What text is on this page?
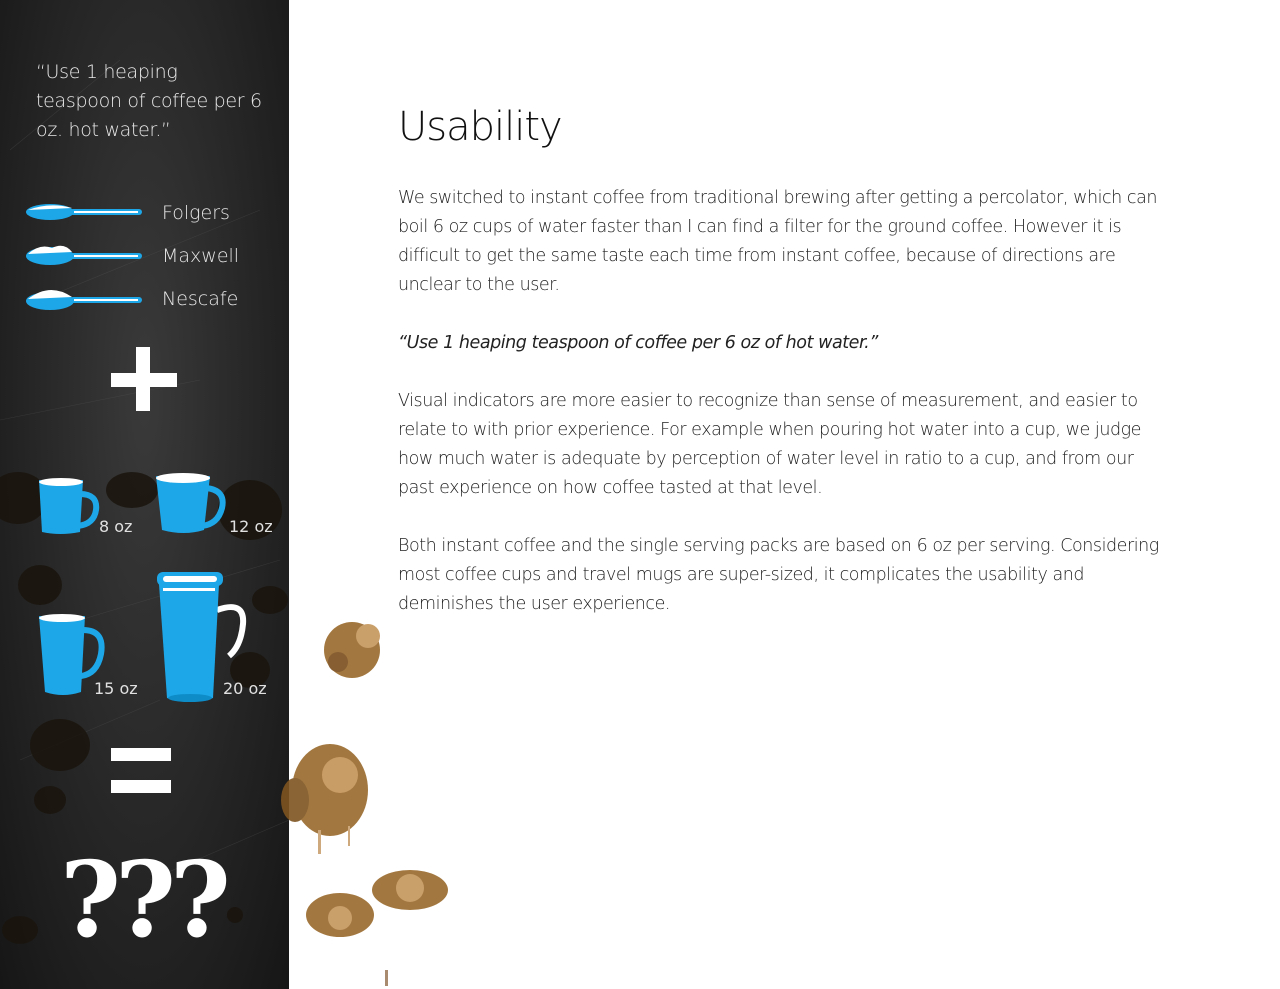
“Use 1 heaping teaspoon of coffee per 6 oz. hot water.”
Folgers
Maxwell
Nescafe
8 oz	12 oz
15 oz	20 oz
???
Usability

We switched to instant coffee from traditional brewing after getting a percolator, which can boil 6 oz cups of water faster than I can find a filter for the ground coffee. However it is difficult to get the same taste each time from instant coffee, because of directions are unclear to the user.

“Use 1 heaping teaspoon of coffee per 6 oz of hot water.”

Visual indicators are more easier to recognize than sense of measurement, and easier to relate to with prior experience. For example when pouring hot water into a cup, we judge how much water is adequate by perception of water level in ratio to a cup, and from our past experience on how coffee tasted at that level.

Both instant coffee and the single serving packs are based on 6 oz per serving. Considering most coffee cups and travel mugs are super-sized, it complicates the usability and deminishes the user experience.
